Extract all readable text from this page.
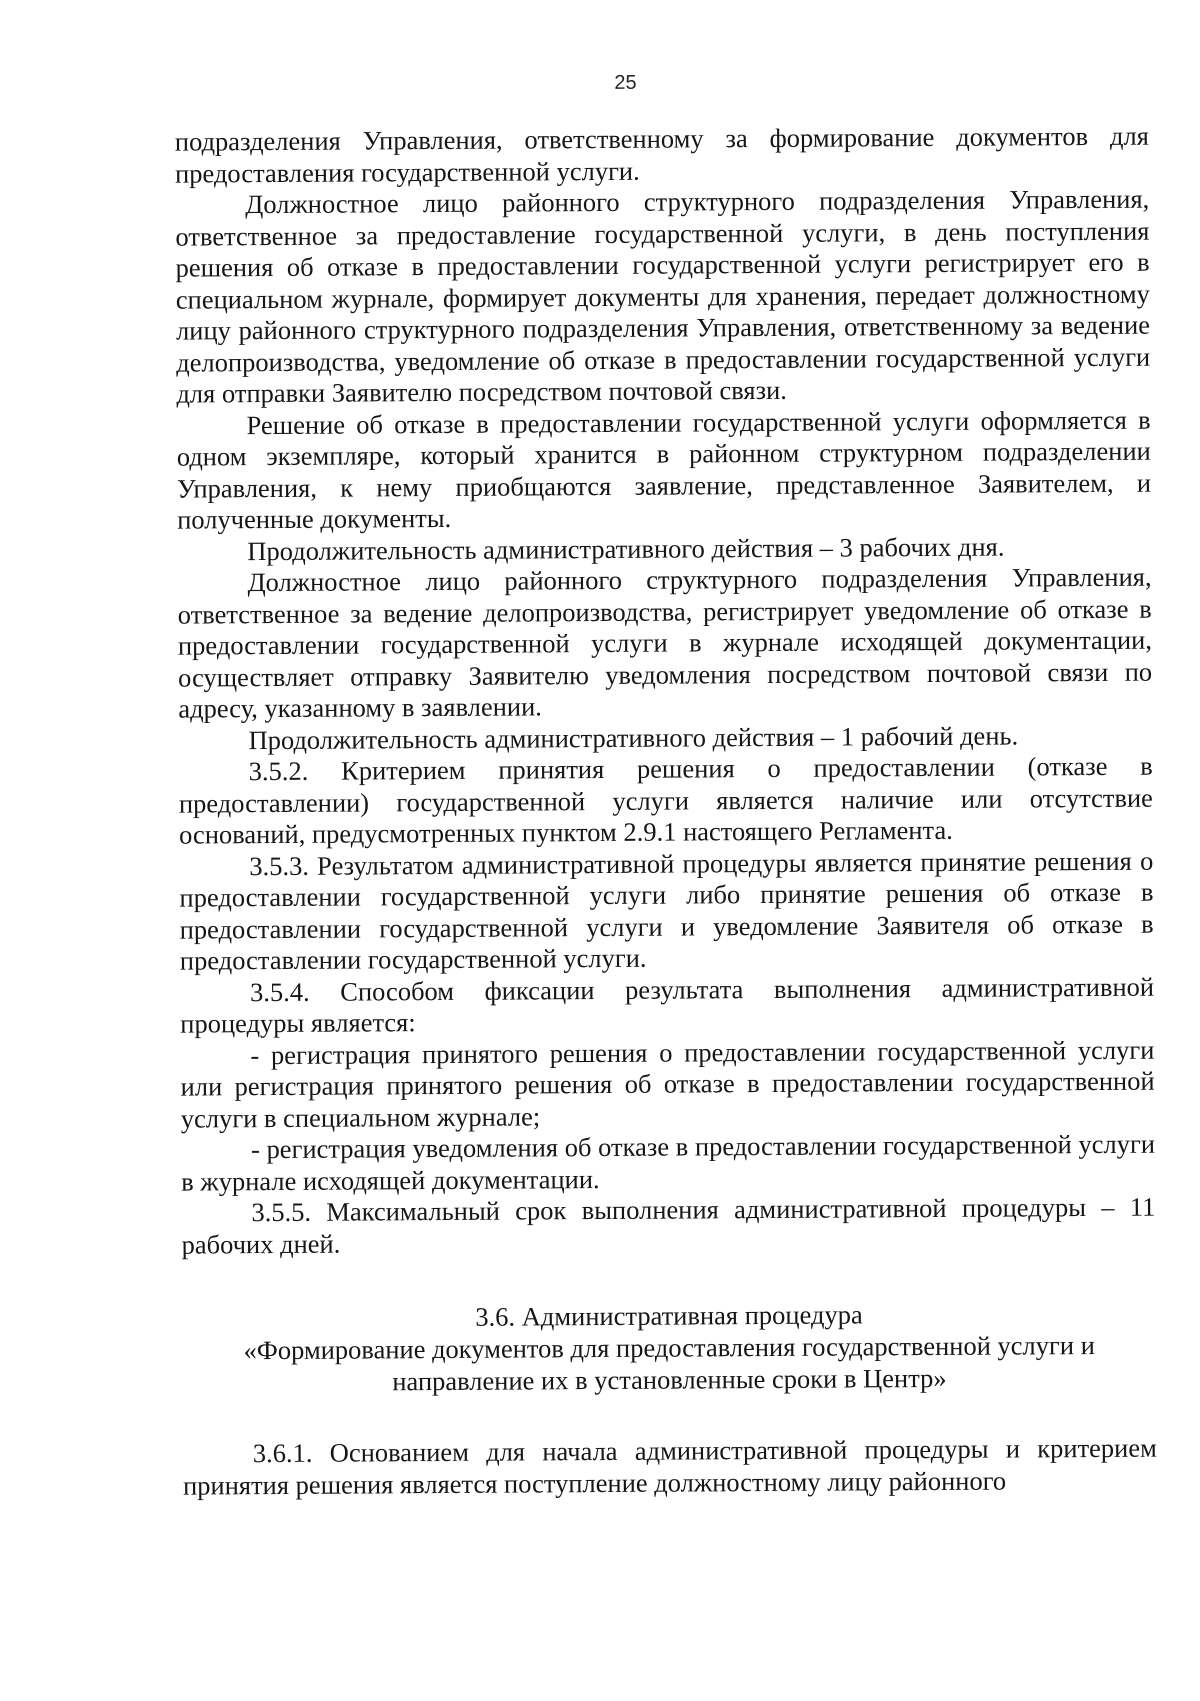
25

подразделения Управления, ответственному за формирование документов для предоставления государственной услуги.

Должностное лицо районного структурного подразделения Управления, ответственное за предоставление государственной услуги, в день поступления решения об отказе в предоставлении государственной услуги регистрирует его в специальном журнале, формирует документы для хранения, передает должностному лицу районного структурного подразделения Управления, ответственному за ведение делопроизводства, уведомление об отказе в предоставлении государственной услуги для отправки Заявителю посредством почтовой связи.

Решение об отказе в предоставлении государственной услуги оформляется в одном экземпляре, который хранится в районном структурном подразделении Управления, к нему приобщаются заявление, представленное Заявителем, и полученные документы.

Продолжительность административного действия – 3 рабочих дня.

Должностное лицо районного структурного подразделения Управления, ответственное за ведение делопроизводства, регистрирует уведомление об отказе в предоставлении государственной услуги в журнале исходящей документации, осуществляет отправку Заявителю уведомления посредством почтовой связи по адресу, указанному в заявлении.

Продолжительность административного действия – 1 рабочий день.

3.5.2. Критерием принятия решения о предоставлении (отказе в предоставлении) государственной услуги является наличие или отсутствие оснований, предусмотренных пунктом 2.9.1 настоящего Регламента.

3.5.3. Результатом административной процедуры является принятие решения о предоставлении государственной услуги либо принятие решения об отказе в предоставлении государственной услуги и уведомление Заявителя об отказе в предоставлении государственной услуги.

3.5.4. Способом фиксации результата выполнения административной процедуры является:

- регистрация принятого решения о предоставлении государственной услуги или регистрация принятого решения об отказе в предоставлении государственной услуги в специальном журнале;

- регистрация уведомления об отказе в предоставлении государственной услуги в журнале исходящей документации.

3.5.5. Максимальный срок выполнения административной процедуры – 11 рабочих дней.

3.6. Административная процедура

«Формирование документов для предоставления государственной услуги и

направление их в установленные сроки в Центр»

3.6.1. Основанием для начала административной процедуры и критерием принятия решения является поступление должностному лицу районного
